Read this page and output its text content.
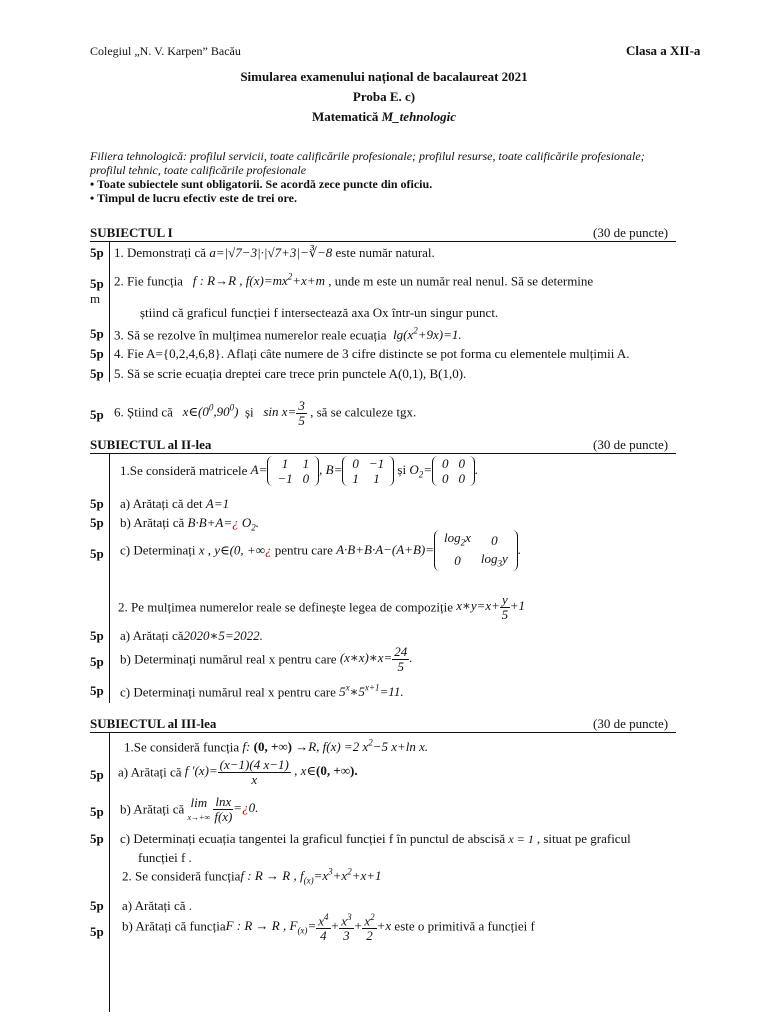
Colegiul „N. V. Karpen” Bacău	Clasa a XII-a
Simularea examenului național de bacalaureat 2021
Proba E. c)
Matematică M_tehnologic
Filiera tehnologică: profilul servicii, toate calificările profesionale; profilul resurse, toate calificările profesionale;
profilul tehnic, toate calificările profesionale
• Toate subiectele sunt obligatorii. Se acordă zece puncte din oficiu.
• Timpul de lucru efectiv este de trei ore.
SUBIECTUL I	(30 de puncte)
5p 1. Demonstrați că a=|√7−3|·|√7+3|−∛−8 este număr natural.
5p 2. Fie funcția   f : R→R , $f(x)=mx^2+x+m$ , unde m este un număr real nenul. Să se determine
m
știind că graficul funcției f intersectează axa Ox într-un singur punct.
5p 3. Să se rezolve în mulțimea numerelor reale ecuația  $\lg(x^2+9x)=1$.
5p 4. Fie A={0,2,4,6,8}. Aflați câte numere de 3 cifre distincte se pot forma cu elementele mulțimii A.
5p 5. Să se scrie ecuația dreptei care trece prin punctele A(0,1), B(1,0).
5p 6. Știind că   $x\in(0^0,90^0)$  și   $\sin x= \frac{3}{5}$ , să se calculeze tgx.
SUBIECTUL al II-lea	(30 de puncte)
1.Se consideră matricele A= 1	1
−1	0
, B= 0	−1
1	1
și $O_2= 0$	0
0	0
.
5p a) Arătați că det A=1
5p b) Arătați că B·B+A=¿ $O_2$.
5p c) Determinați x , y∈(0, +∞¿ pentru care A·B+B·A−(A+B)=
$\log_2x$	0
0	$\log_3y$
.
2. Pe mulțimea numerelor reale se definește legea de compoziție x∗y=x+ $\frac{y}{5} +1$
5p a) Arătați că2020∗5=2022.
5p b) Determinați numărul real x pentru care (x∗x)∗x= $\frac{24}{5}$ .
5p c) Determinați numărul real x pentru care $5^x∗5^{x+1}=11$.
SUBIECTUL al III-lea	(30 de puncte)
1.Se consideră funcția f: (0, +∞) →R, f(x) =2 $x^2-5$ x+ln x.
5p a) Arătați că f $'(x)= \frac{(x-1)(4 x-1)}{x}$ , x∈(0, +∞).
5p b) Arătați că lim
$x\to+\infty \frac{\ln x}{f(x)}$ =¿0.
5p c) Determinați ecuația tangentei la graficul funcției f în punctul de abscisă x = 1 , situat pe graficul
funcției f .
2. Se consideră funcțiaf : R → R , $f_{(x)}=x^3+x^2+x+1$
5p a) Arătați că .
5p b) Arătați că funcțiaF : R → R , $F_{(x)}= \frac{x^4}{4} + \frac{x^3}{3} + \frac{x^2}{2} +x$ este o primitivă a funcției f
